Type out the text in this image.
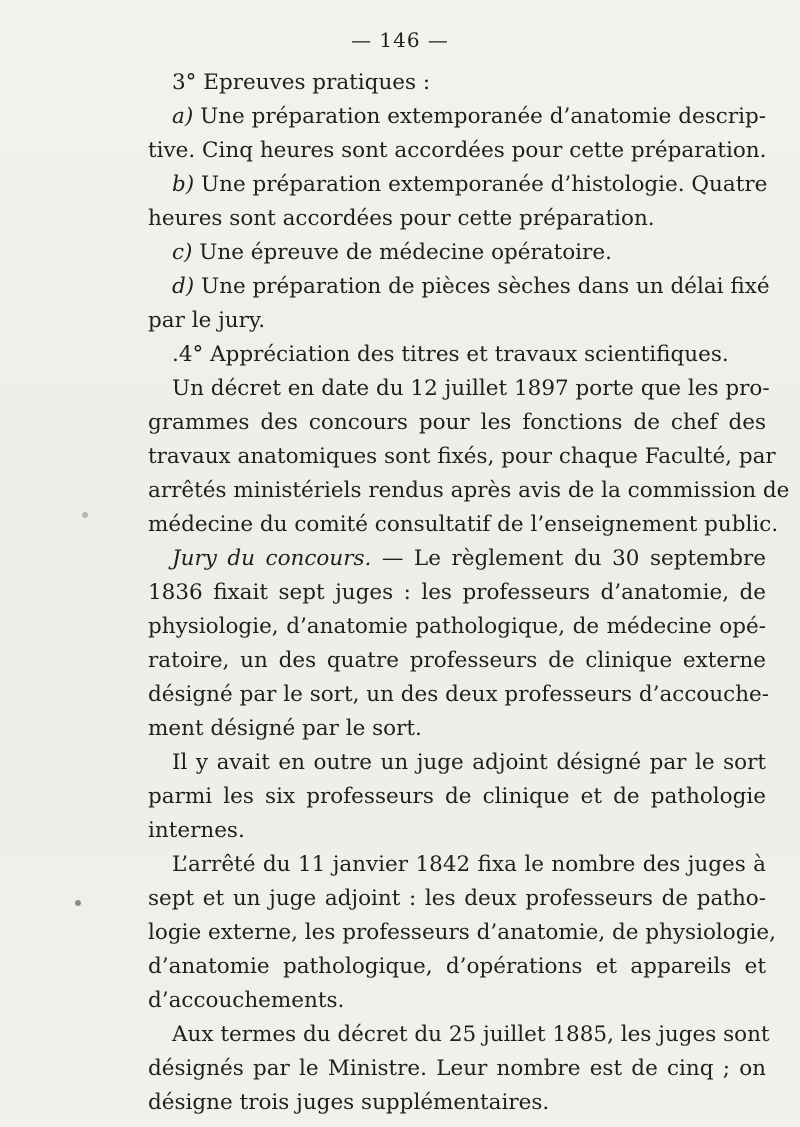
— 146 —
3° Epreuves pratiques :
a) Une préparation extemporanée d’anatomie descrip-
tive. Cinq heures sont accordées pour cette préparation.
b) Une préparation extemporanée d’histologie. Quatre
heures sont accordées pour cette préparation.
c) Une épreuve de médecine opératoire.
d) Une préparation de pièces sèches dans un délai fixé
par le jury.
.4° Appréciation des titres et travaux scientifiques.
Un décret en date du 12 juillet 1897 porte que les pro-
grammes des concours pour les fonctions de chef des
travaux anatomiques sont fixés, pour chaque Faculté, par
arrêtés ministériels rendus après avis de la commission de
médecine du comité consultatif de l’enseignement public.
Jury du concours. — Le règlement du 30 septembre
1836 fixait sept juges : les professeurs d’anatomie, de
physiologie, d’anatomie pathologique, de médecine opé-
ratoire, un des quatre professeurs de clinique externe
désigné par le sort, un des deux professeurs d’accouche-
ment désigné par le sort.
Il y avait en outre un juge adjoint désigné par le sort
parmi les six professeurs de clinique et de pathologie
internes.
L’arrêté du 11 janvier 1842 fixa le nombre des juges à
sept et un juge adjoint : les deux professeurs de patho-
logie externe, les professeurs d’anatomie, de physiologie,
d’anatomie pathologique, d’opérations et appareils et
d’accouchements.
Aux termes du décret du 25 juillet 1885, les juges sont
désignés par le Ministre. Leur nombre est de cinq ; on
désigne trois juges supplémentaires.
